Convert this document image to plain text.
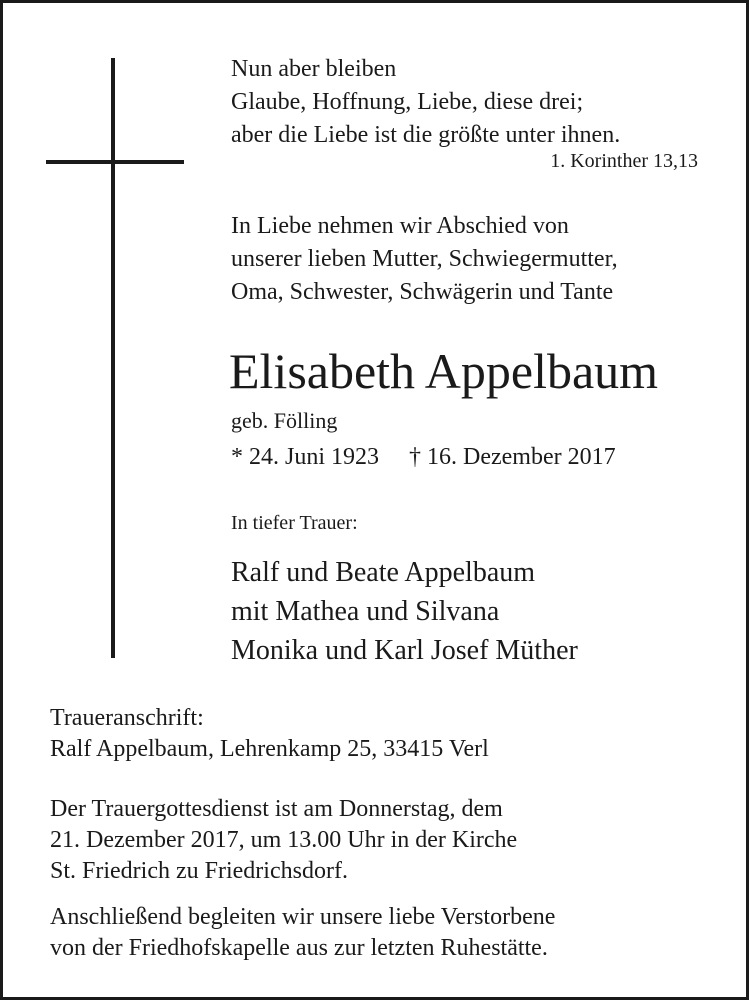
Nun aber bleiben
Glaube, Hoffnung, Liebe, diese drei;
aber die Liebe ist die größte unter ihnen.

1. Korinther 13,13

In Liebe nehmen wir Abschied von
unserer lieben Mutter, Schwiegermutter,
Oma, Schwester, Schwägerin und Tante

Elisabeth Appelbaum

geb. Fölling

* 24. Juni 1923 † 16. Dezember 2017

In tiefer Trauer:

Ralf und Beate Appelbaum
mit Mathea und Silvana
Monika und Karl Josef Müther

Traueranschrift:
Ralf Appelbaum, Lehrenkamp 25, 33415 Verl

Der Trauergottesdienst ist am Donnerstag, dem
21. Dezember 2017, um 13.00 Uhr in der Kirche
St. Friedrich zu Friedrichsdorf.

Anschließend begleiten wir unsere liebe Verstorbene
von der Friedhofskapelle aus zur letzten Ruhestätte.
